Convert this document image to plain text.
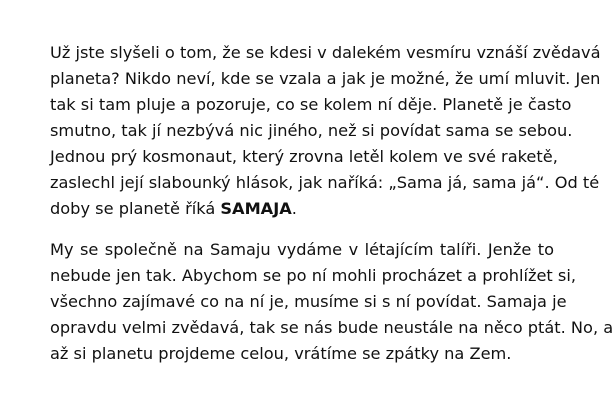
Už jste slyšeli o tom, že se kdesi v dalekém vesmíru vznáší zvědavá
planeta? Nikdo neví, kde se vzala a jak je možné, že umí mluvit. Jen
tak si tam pluje a pozoruje, co se kolem ní děje. Planetě je často
smutno, tak jí nezbývá nic jiného, než si povídat sama se sebou.
Jednou prý kosmonaut, který zrovna letěl kolem ve své raketě,
zaslechl její slabounký hlások, jak naříká: „Sama já, sama já“. Od té
doby se planetě říká SAMAJA.
My se společně na Samaju vydáme v létajícím talíři. Jenže to
nebude jen tak. Abychom se po ní mohli procházet a prohlížet si,
všechno zajímavé co na ní je, musíme si s ní povídat. Samaja je
opravdu velmi zvědavá, tak se nás bude neustále na něco ptát. No, a
až si planetu projdeme celou, vrátíme se zpátky na Zem.
